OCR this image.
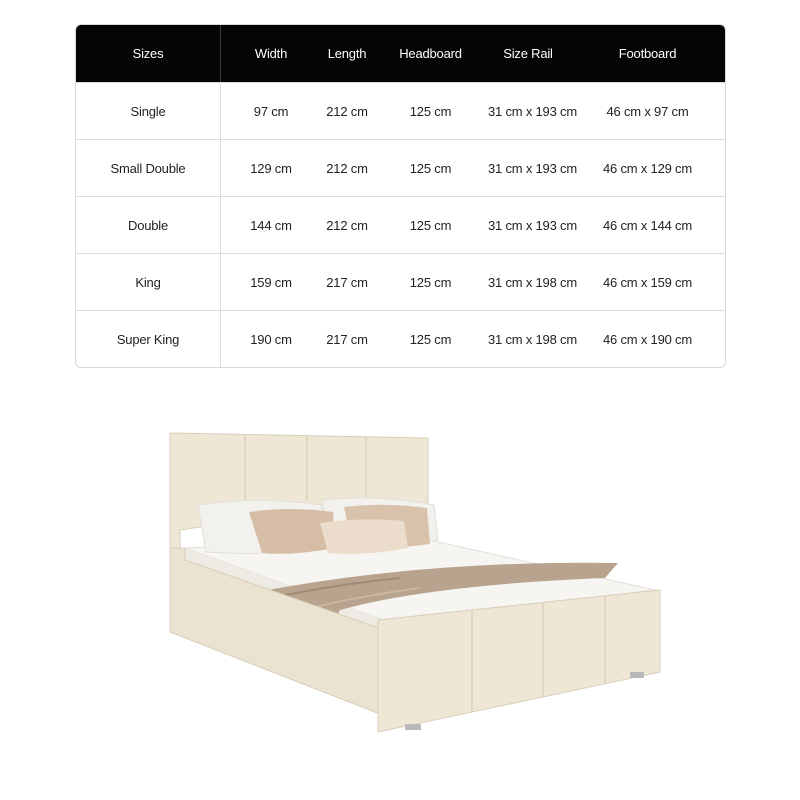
Sizes	Width	Length	Headboard	Size Rail	Footboard
Single	97 cm	212 cm	125 cm	31 cm x 193 cm	46 cm x 97 cm
Small Double	129 cm	212 cm	125 cm	31 cm x 193 cm	46 cm x 129 cm
Double	144 cm	212 cm	125 cm	31 cm x 193 cm	46 cm x 144 cm
King	159 cm	217 cm	125 cm	31 cm x 198 cm	46 cm x 159 cm
Super King	190 cm	217 cm	125 cm	31 cm x 198 cm	46 cm x 190 cm
